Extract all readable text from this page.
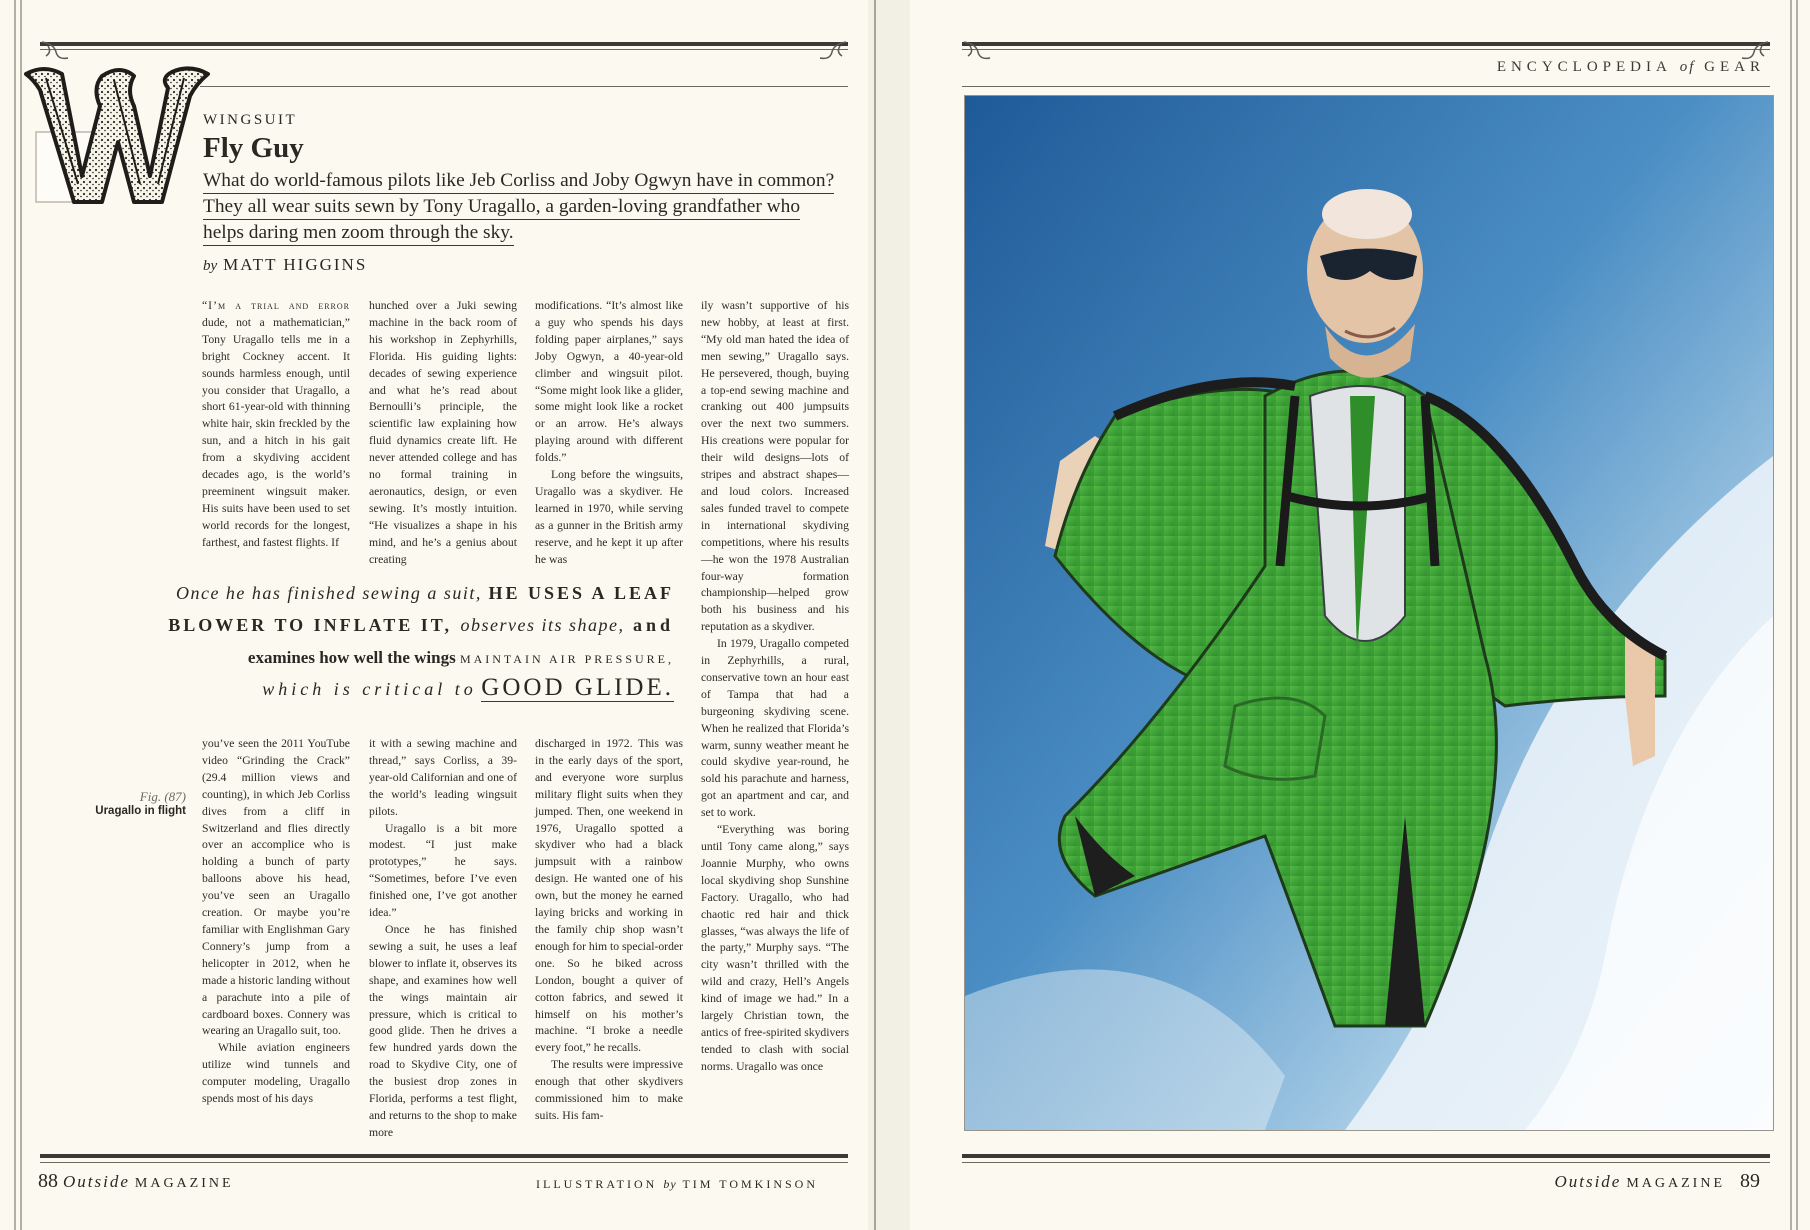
WINGSUIT
Fly Guy
What do world-famous pilots like Jeb Corliss and Joby Ogwyn have in common? They all wear suits sewn by Tony Uragallo, a garden-loving grandfather who helps daring men zoom through the sky.
by MATT HIGGINS

“I’m a trial and error dude, not a mathematician,” Tony Uragallo tells me in a bright Cockney accent. It sounds harmless enough, until you consider that Uragallo, a short 61-year-old with thinning white hair, skin freckled by the sun, and a hitch in his gait from a skydiving accident decades ago, is the world’s preeminent wingsuit maker. His suits have been used to set world records for the longest, farthest, and fastest flights. If

hunched over a Juki sewing machine in the back room of his workshop in Zephyrhills, Florida. His guiding lights: decades of sewing experience and what he’s read about Bernoulli’s principle, the scientific law explaining how fluid dynamics create lift. He never attended college and has no formal training in aeronautics, design, or even sewing. It’s mostly intuition. “He visualizes a shape in his mind, and he’s a genius about creating

modifications. “It’s almost like a guy who spends his days folding paper airplanes,” says Joby Ogwyn, a 40-year-old climber and wingsuit pilot. “Some might look like a glider, some might look like a rocket or an arrow. He’s always playing around with different folds.”

Long before the wingsuits, Uragallo was a skydiver. He learned in 1970, while serving as a gunner in the British army reserve, and he kept it up after he was

ily wasn’t supportive of his new hobby, at least at first. “My old man hated the idea of men sewing,” Uragallo says. He persevered, though, buying a top-end sewing machine and cranking out 400 jumpsuits over the next two summers. His creations were popular for their wild designs—lots of stripes and abstract shapes—and loud colors. Increased sales funded travel to compete in international skydiving competitions, where his results—he won the 1978 Australian four-way formation championship—helped grow both his business and his reputation as a skydiver.

In 1979, Uragallo competed in Zephyrhills, a rural, conservative town an hour east of Tampa that had a burgeoning skydiving scene. When he realized that Florida’s warm, sunny weather meant he could skydive year-round, he sold his parachute and harness, got an apartment and car, and set to work.

“Everything was boring until Tony came along,” says Joannie Murphy, who owns local skydiving shop Sunshine Factory. Uragallo, who had chaotic red hair and thick glasses, “was always the life of the party,” Murphy says. “The city wasn’t thrilled with the wild and crazy, Hell’s Angels kind of image we had.” In a largely Christian town, the antics of free-spirited skydivers tended to clash with social norms. Uragallo was once

Once he has finished sewing a suit, HE USES A LEAF
BLOWER TO INFLATE IT, observes its shape, and
examines how well the wings MAINTAIN AIR PRESSURE,
which is critical to GOOD GLIDE.
Fig. (87)
Uragallo in flight

you’ve seen the 2011 YouTube video “Grinding the Crack” (29.4 million views and counting), in which Jeb Corliss dives from a cliff in Switzerland and flies directly over an accomplice who is holding a bunch of party balloons above his head, you’ve seen an Uragallo creation. Or maybe you’re familiar with Englishman Gary Connery’s jump from a helicopter in 2012, when he made a historic landing without a parachute into a pile of cardboard boxes. Connery was wearing an Uragallo suit, too.

While aviation engineers utilize wind tunnels and computer modeling, Uragallo spends most of his days

it with a sewing machine and thread,” says Corliss, a 39-year-old Californian and one of the world’s leading wingsuit pilots.

Uragallo is a bit more modest. “I just make prototypes,” he says. “Sometimes, before I’ve even finished one, I’ve got another idea.”

Once he has finished sewing a suit, he uses a leaf blower to inflate it, observes its shape, and examines how well the wings maintain air pressure, which is critical to good glide. Then he drives a few hundred yards down the road to Skydive City, one of the busiest drop zones in Florida, performs a test flight, and returns to the shop to make more

discharged in 1972. This was in the early days of the sport, and everyone wore surplus military flight suits when they jumped. Then, one weekend in 1976, Uragallo spotted a skydiver who had a black jumpsuit with a rainbow design. He wanted one of his own, but the money he earned laying bricks and working in the family chip shop wasn’t enough for him to special-order one. So he biked across London, bought a quiver of cotton fabrics, and sewed it himself on his mother’s machine. “I broke a needle every foot,” he recalls.

The results were impressive enough that other skydivers commissioned him to make suits. His fam-

88 Outside MAGAZINE	ILLUSTRATION by TIM TOMKINSON
ENCYCLOPEDIA of GEAR
Outside MAGAZINE 89
